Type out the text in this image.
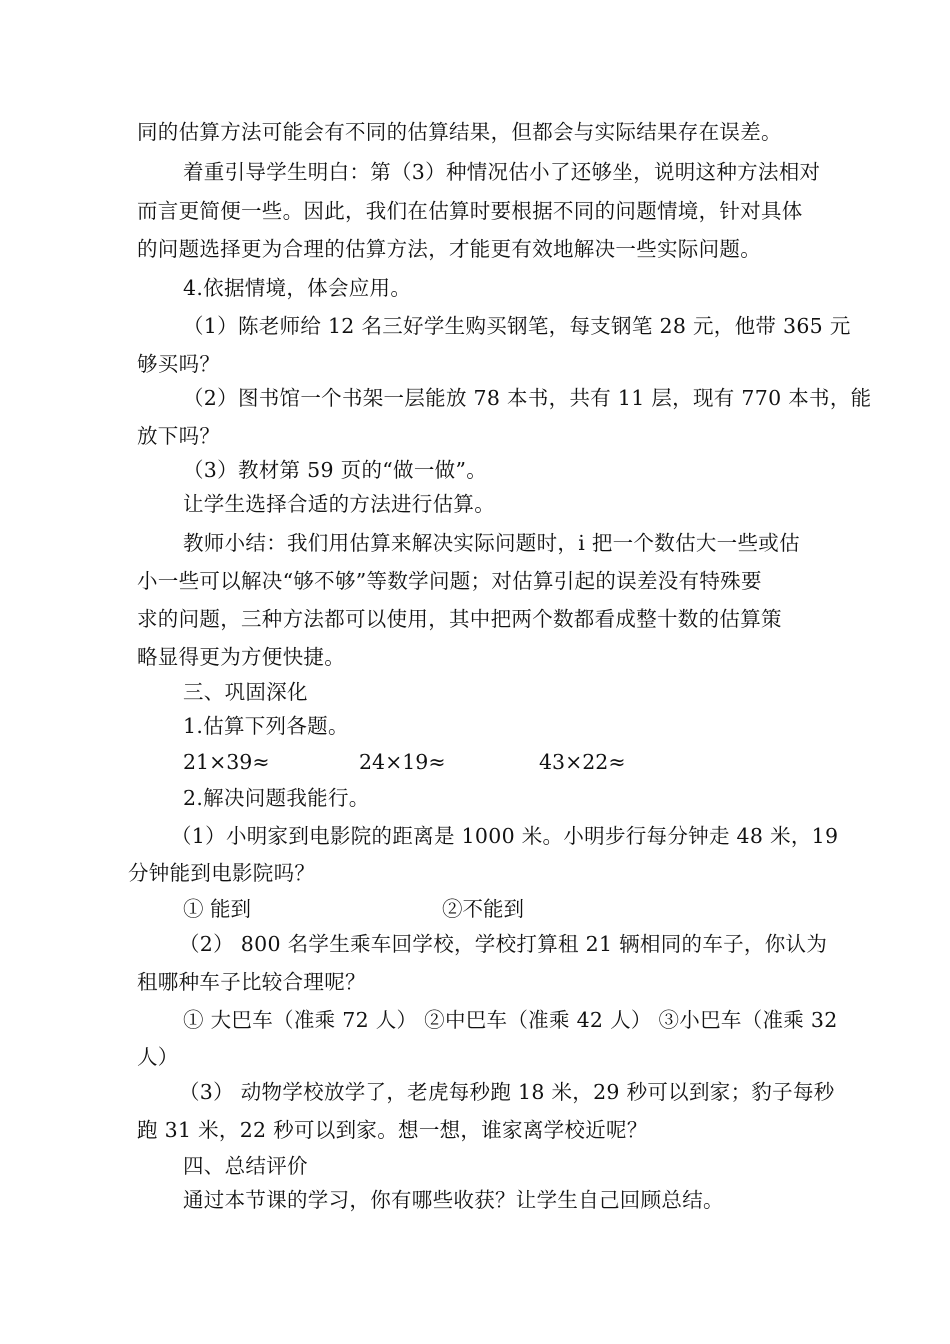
同的估算方法可能会有不同的估算结果，但都会与实际结果存在误差。
着重引导学生明白：第（3）种情况估小了还够坐，说明这种方法相对
而言更简便一些。因此，我们在估算时要根据不同的问题情境，针对具体
的问题选择更为合理的估算方法，才能更有效地解决一些实际问题。
4.依据情境，体会应用。
（1）陈老师给 12 名三好学生购买钢笔，每支钢笔 28 元，他带 365 元
够买吗？
（2）图书馆一个书架一层能放 78 本书，共有 11 层，现有 770 本书，能
放下吗？
（3）教材第 59 页的“做一做”。
让学生选择合适的方法进行估算。
教师小结：我们用估算来解决实际问题时，i 把一个数估大一些或估
小一些可以解决“够不够”等数学问题；对估算引起的误差没有特殊要
求的问题，三种方法都可以使用，其中把两个数都看成整十数的估算策
略显得更为方便快捷。
三、巩固深化
1.估算下列各题。
21×39≈	24×19≈	43×22≈
2.解决问题我能行。
（1）小明家到电影院的距离是 1000 米。小明步行每分钟走 48 米，19
分钟能到电影院吗？
① 能到	②不能到
（2） 800 名学生乘车回学校，学校打算租 21 辆相同的车子，你认为
租哪种车子比较合理呢？
① 大巴车（准乘 72 人） ②中巴车（准乘 42 人） ③小巴车（准乘 32
人）
（3） 动物学校放学了，老虎每秒跑 18 米，29 秒可以到家；豹子每秒
跑 31 米，22 秒可以到家。想一想，谁家离学校近呢？
四、总结评价
通过本节课的学习，你有哪些收获？让学生自己回顾总结。
